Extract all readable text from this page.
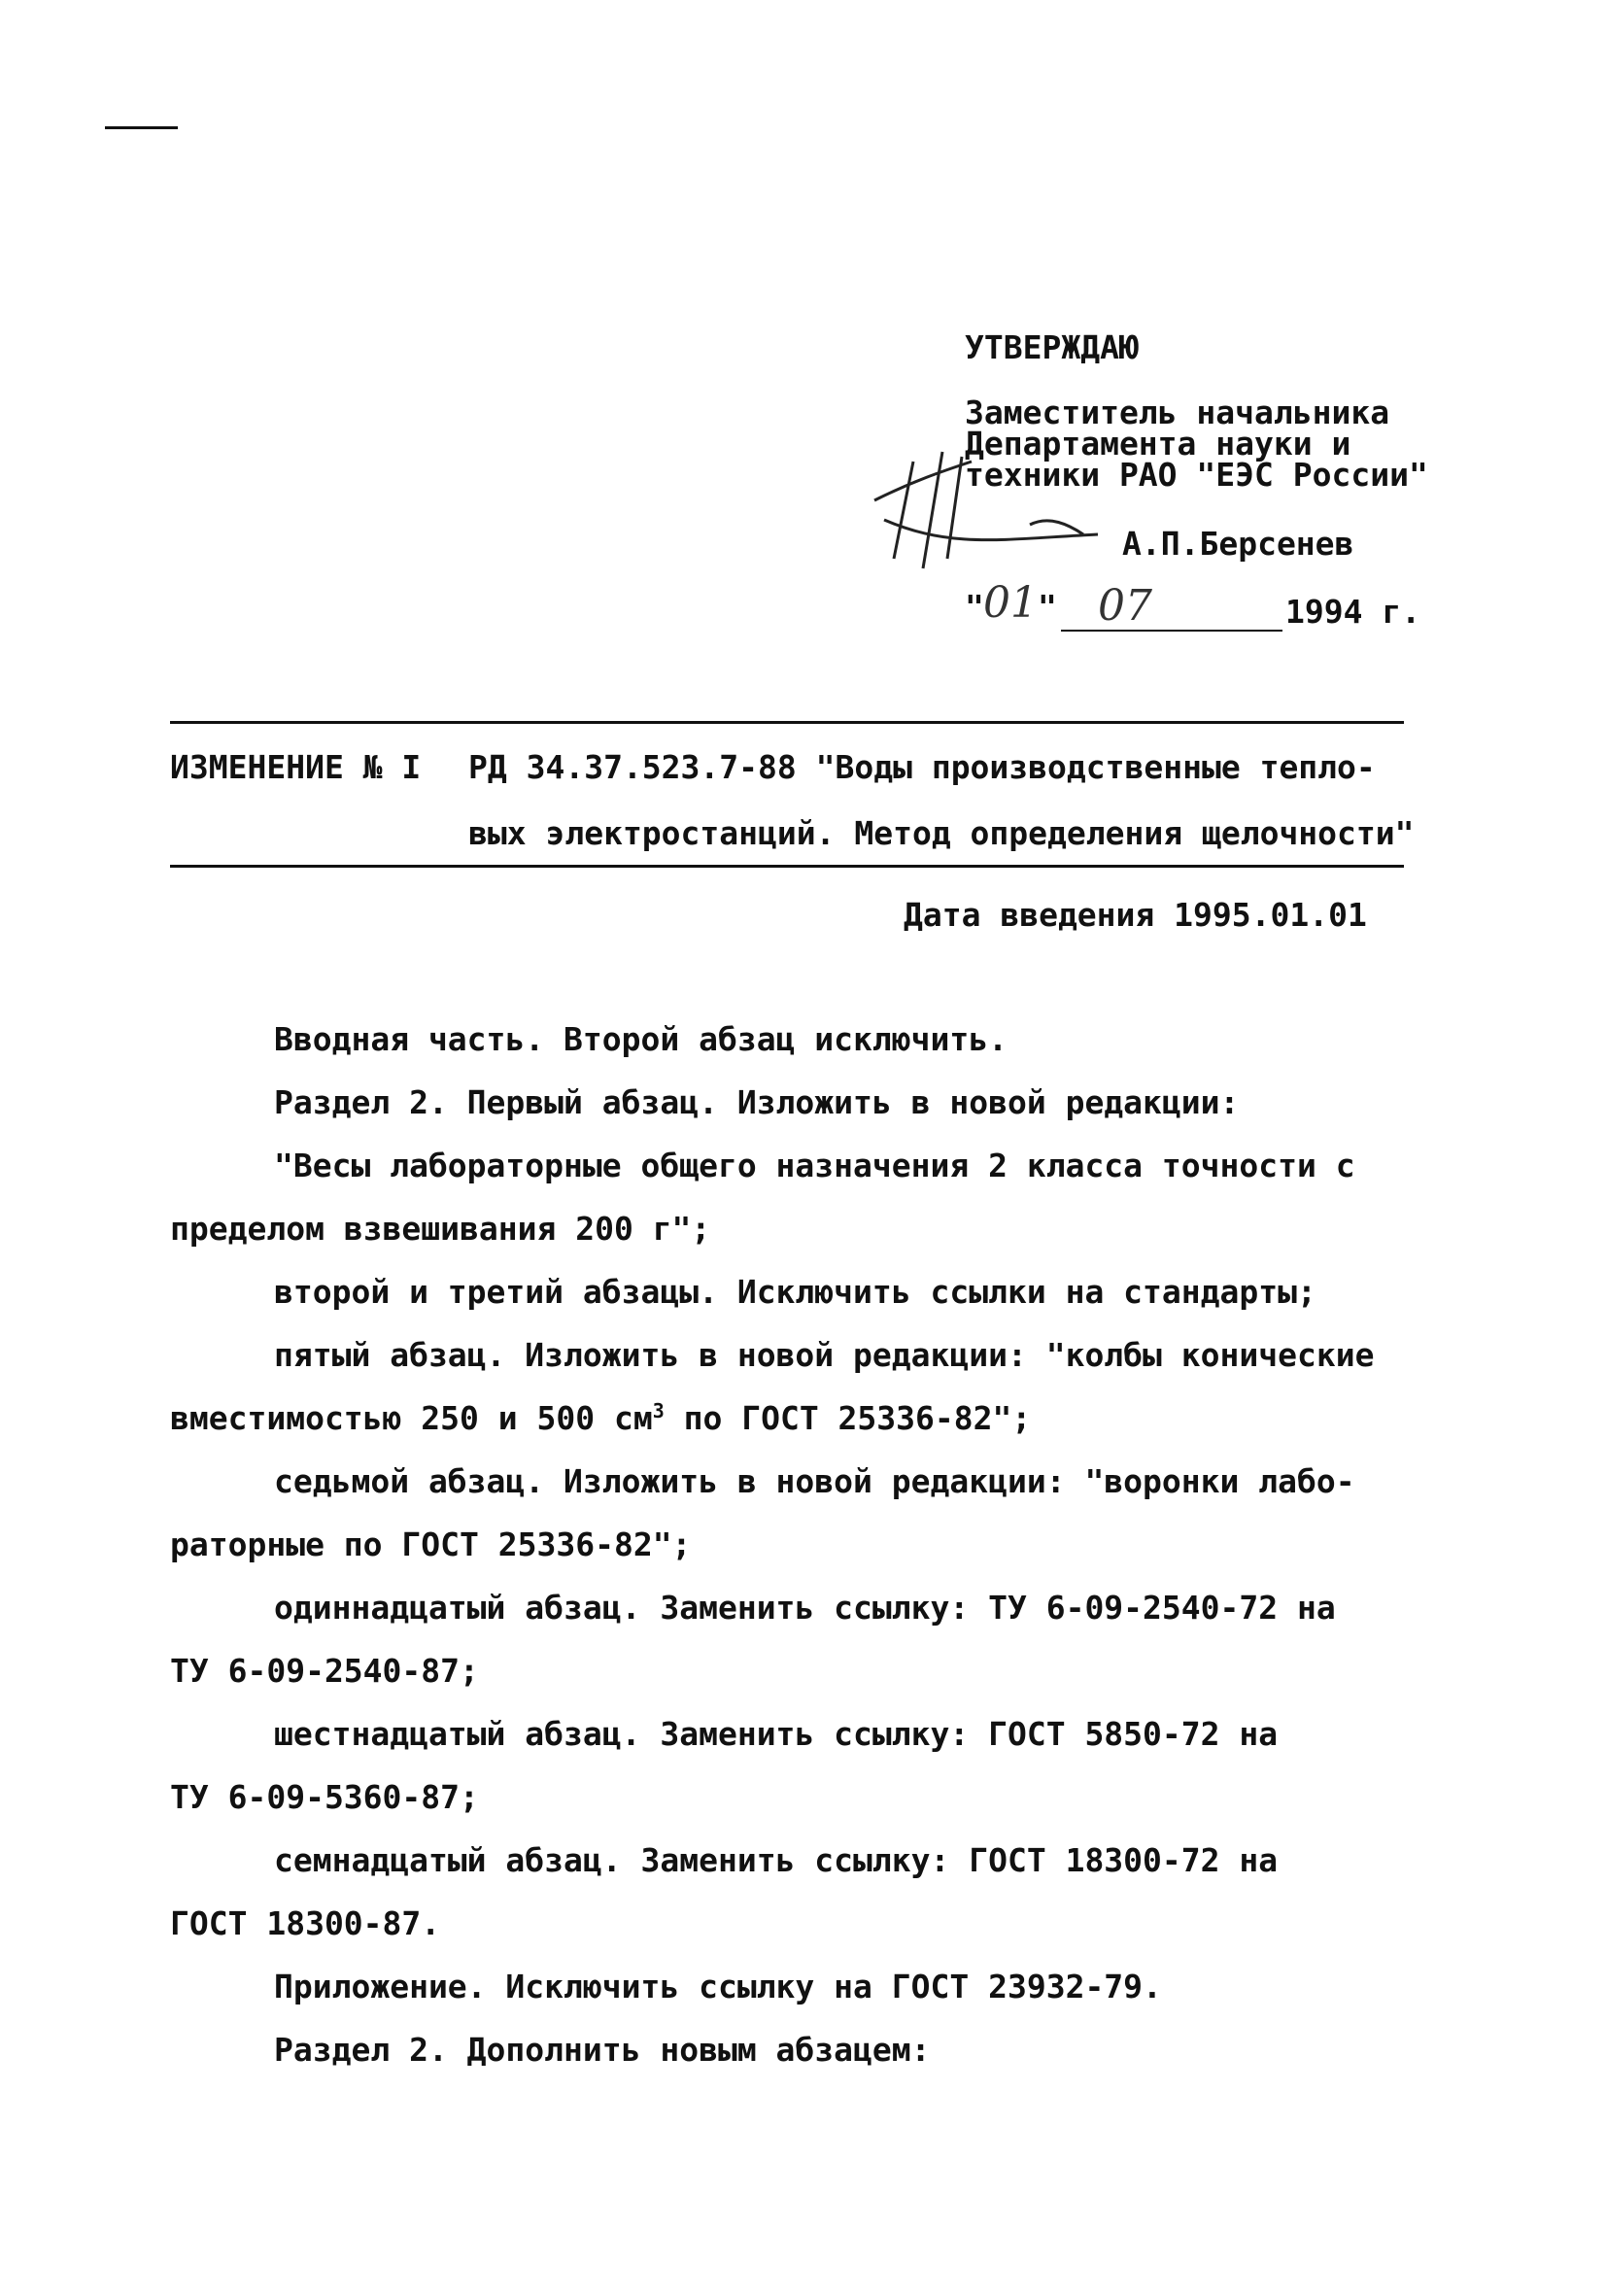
УТВЕРЖДАЮ
Заместитель начальника
Департамента науки и
техники РАО "ЕЭС России"
А.П.Берсенев
" 01 " 07	1994 г.
ИЗМЕНЕНИЕ № I РД 34.37.523.7-88 "Воды производственные тепло-
вых электростанций. Метод определения щелочности"
Дата введения 1995.01.01
Вводная часть. Второй абзац исключить.
Раздел 2. Первый абзац. Изложить в новой редакции:
"Весы лабораторные общего назначения 2 класса точности с
пределом взвешивания 200 г";
второй и третий абзацы. Исключить ссылки на стандарты;
пятый абзац. Изложить в новой редакции: "колбы конические
вместимостью 250 и 500 $см^3$ по ГОСТ 25336-82";
седьмой абзац. Изложить в новой редакции: "воронки лабо-
раторные по ГОСТ 25336-82";
одиннадцатый абзац. Заменить ссылку: ТУ 6-09-2540-72 на
ТУ 6-09-2540-87;
шестнадцатый абзац. Заменить ссылку: ГОСТ 5850-72 на
ТУ 6-09-5360-87;
семнадцатый абзац. Заменить ссылку: ГОСТ 18300-72 на
ГОСТ 18300-87.
Приложение. Исключить ссылку на ГОСТ 23932-79.
Раздел 2. Дополнить новым абзацем:
